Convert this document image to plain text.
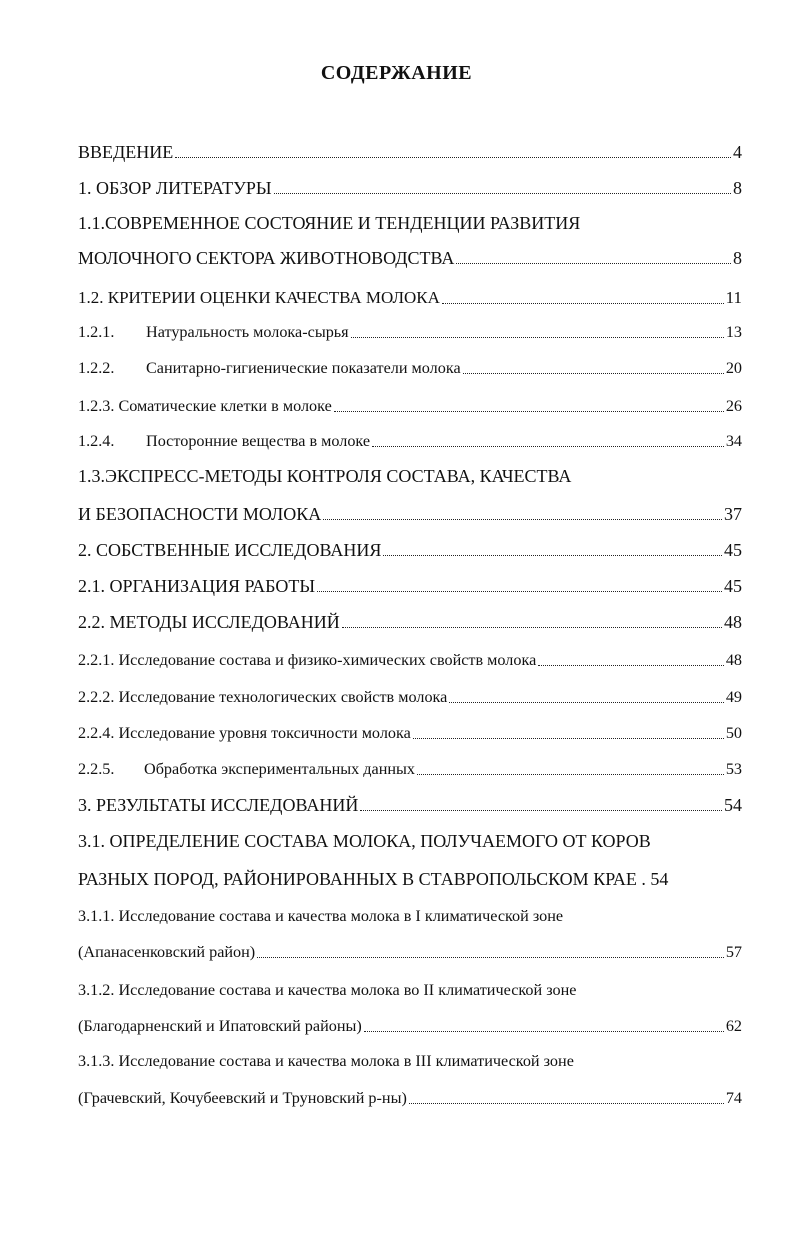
СОДЕРЖАНИЕ
ВВЕДЕНИЕ	4
1. ОБЗОР ЛИТЕРАТУРЫ	8
1.1.СОВРЕМЕННОЕ СОСТОЯНИЕ И ТЕНДЕНЦИИ РАЗВИТИЯ
МОЛОЧНОГО СЕКТОРА ЖИВОТНОВОДСТВА	8
1.2. КРИТЕРИИ ОЦЕНКИ КАЧЕСТВА МОЛОКА	11
1.2.1.	Натуральность молока-сырья	13
1.2.2.	Санитарно-гигиенические показатели молока	20
1.2.3. Соматические клетки в молоке	26
1.2.4.	Посторонние вещества в молоке	34
1.3.ЭКСПРЕСС-МЕТОДЫ КОНТРОЛЯ СОСТАВА, КАЧЕСТВА
И БЕЗОПАСНОСТИ МОЛОКА	37
2. СОБСТВЕННЫЕ ИССЛЕДОВАНИЯ	45
2.1. ОРГАНИЗАЦИЯ РАБОТЫ	45
2.2. МЕТОДЫ ИССЛЕДОВАНИЙ	48
2.2.1. Исследование состава и физико-химических свойств молока	48
2.2.2. Исследование технологических свойств молока	49
2.2.4. Исследование уровня токсичности молока	50
2.2.5.	Обработка экспериментальных данных	53
3. РЕЗУЛЬТАТЫ ИССЛЕДОВАНИЙ	54
3.1. ОПРЕДЕЛЕНИЕ СОСТАВА МОЛОКА, ПОЛУЧАЕМОГО ОТ КОРОВ
РАЗНЫХ ПОРОД, РАЙОНИРОВАННЫХ В СТАВРОПОЛЬСКОМ КРАЕ . 54
3.1.1. Исследование состава и качества молока в I климатической зоне
(Апанасенковский район)	57
3.1.2. Исследование состава и качества молока во II климатической зоне
(Благодарненский и Ипатовский районы)	62
3.1.3. Исследование состава и качества молока в III климатической зоне
(Грачевский, Кочубеевский и Труновский р-ны)	74
